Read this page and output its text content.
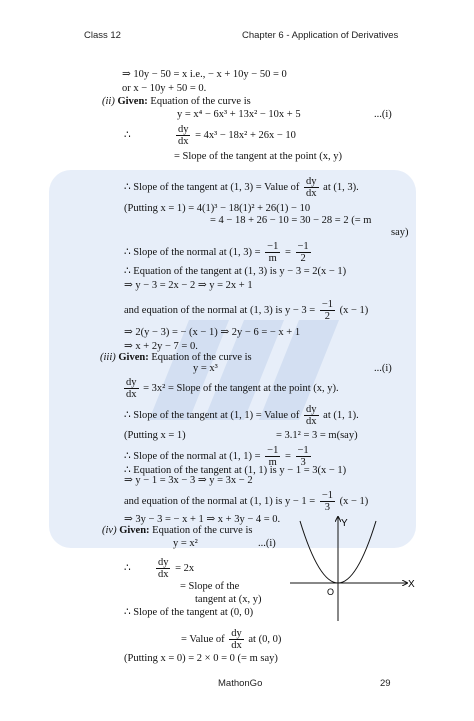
Class 12	Chapter 6 - Application of Derivatives
⇒ 10y − 50 = x i.e., − x + 10y − 50 = 0
or x − 10y + 50 = 0.
(ii) Given: Equation of the curve is
y = x⁴ − 6x³ + 13x² − 10x + 5	...(i)
∴	$\frac{dy}{dx} = 4x^3 - 18x^2 + 26x - 10$
= Slope of the tangent at the point (x, y)
∴ Slope of the tangent at (1, 3) = Value of $\frac{dy}{dx}$ at (1, 3).
(Putting x = 1) = 4(1)³ − 18(1)² + 26(1) − 10
= 4 − 18 + 26 − 10 = 30 − 28 = 2 (= m
say)
∴ Slope of the normal at (1, $3) = \frac{-1}{m} = \frac{-1}{2}$
∴ Equation of the tangent at (1, 3) is y − 3 = 2(x − 1)
⇒ y − 3 = 2x − 2 ⇒ y = 2x + 1
and equation of the normal at (1, 3) is $y - 3 = \frac{-1}{2} (x - 1)$
⇒ 2(y − 3) = − (x − 1) ⇒ 2y − 6 = − x + 1
⇒ x + 2y − 7 = 0.
(iii) Given: Equation of the curve is
y = x³	...(i)
$\frac{dy}{dx} = 3x^2$ = Slope of the tangent at the point (x, y).
∴ Slope of the tangent at (1, 1) = Value of $\frac{dy}{dx}$ at (1, 1).
(Putting x = 1)	= 3.1² = 3 = m(say)
∴ Slope of the normal at (1, $1) = \frac{-1}{m} = \frac{-1}{3}$
∴ Equation of the tangent at (1, 1) is y − 1 = 3(x − 1)
⇒ y − 1 = 3x − 3 ⇒ y = 3x − 2
and equation of the normal at (1, 1) is $y - 1 = \frac{-1}{3} (x - 1)$
⇒ 3y − 3 = − x + 1 ⇒ x + 3y − 4 = 0.
(iv) Given: Equation of the curve is
y = x²	...(i)
∴ $\frac{dy}{dx} = 2x$
= Slope of the
tangent at (x, y)
∴ Slope of the tangent at (0, 0)
= Value of $\frac{dy}{dx}$ at (0, 0)
(Putting x = 0) = 2 × 0 = 0 (= m say)
X
Y
O
MathonGo	29
